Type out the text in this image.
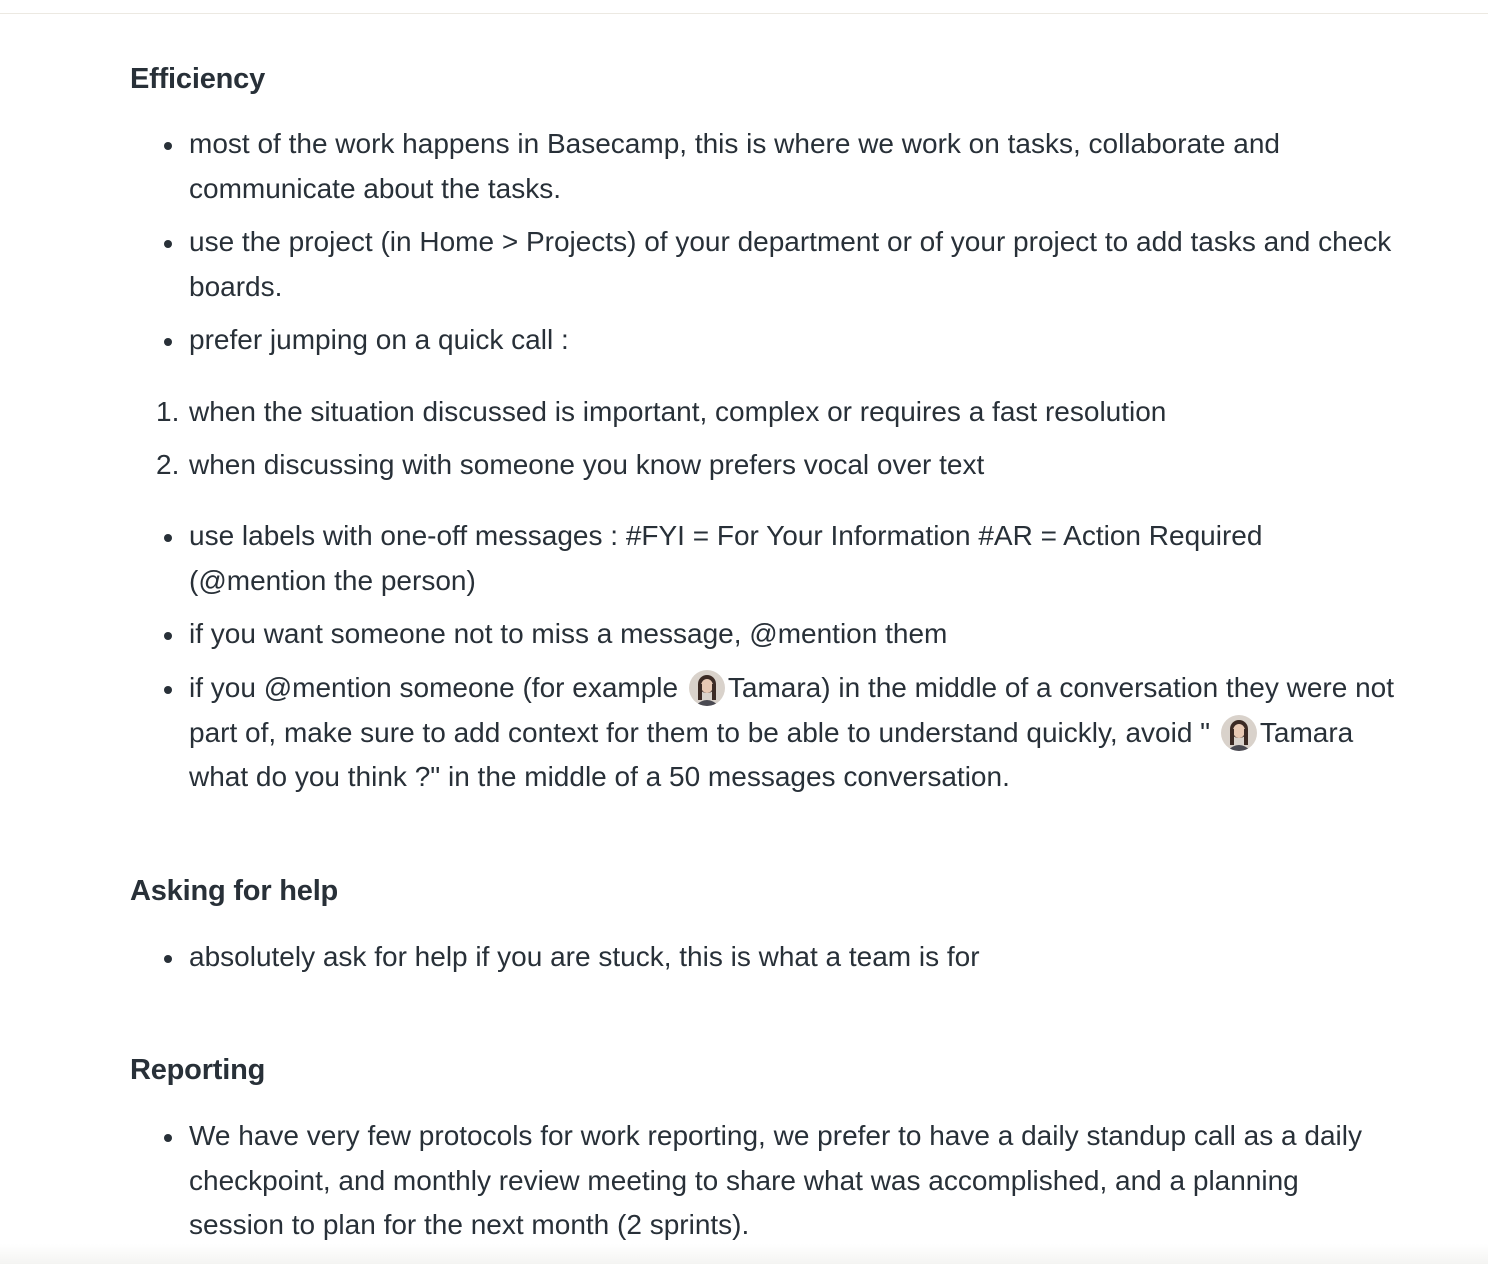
Efficiency
most of the work happens in Basecamp, this is where we work on tasks, collaborate and communicate about the tasks.
use the project (in Home > Projects) of your department or of your project to add tasks and check boards.
prefer jumping on a quick call :
1. when the situation discussed is important, complex or requires a fast resolution
2. when discussing with someone you know prefers vocal over text
use labels with one-off messages : #FYI = For Your Information #AR = Action Required (@mention the person)
if you want someone not to miss a message, @mention them
if you @mention someone (for example
Tamara) in the middle of a conversation they were not part of, make sure to add context for them to be able to understand quickly, avoid "
Tamara what do you think ?" in the middle of a 50 messages conversation.
Asking for help
absolutely ask for help if you are stuck, this is what a team is for
Reporting
We have very few protocols for work reporting, we prefer to have a daily standup call as a daily checkpoint, and monthly review meeting to share what was accomplished, and a planning session to plan for the next month (2 sprints).
